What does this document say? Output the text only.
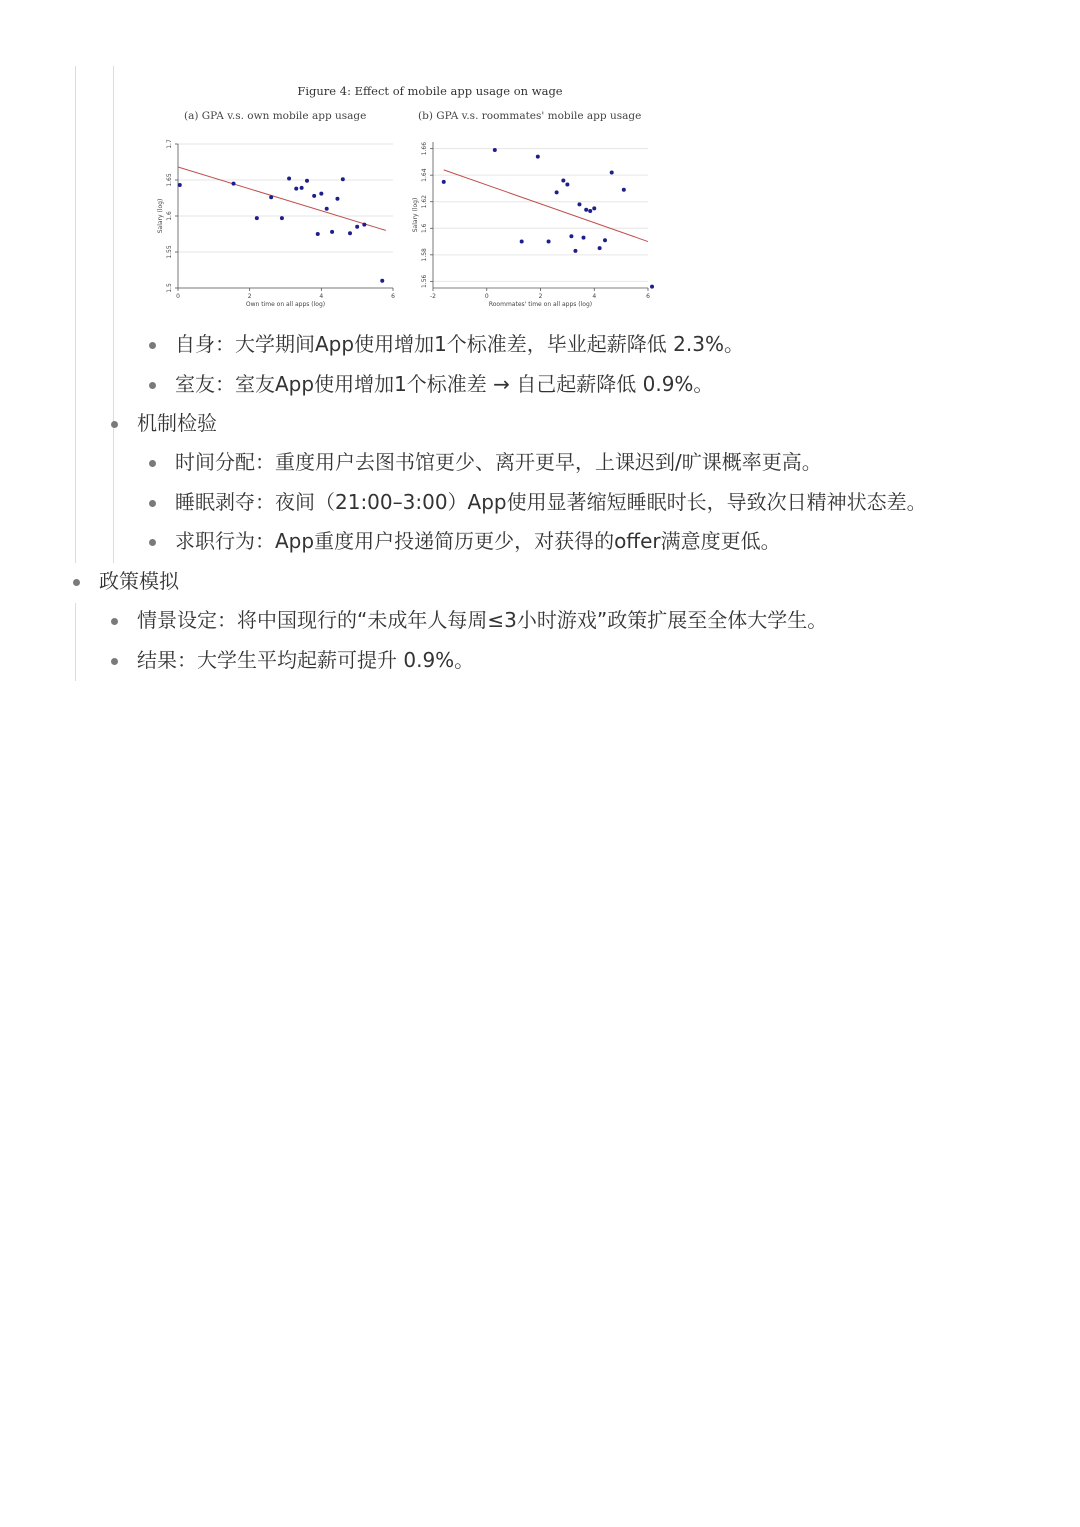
Figure 4: Effect of mobile app usage on wage
(a) GPA v.s. own mobile app usage	(b) GPA v.s. roommates' mobile app usage
1.5
1.55
1.6
1.65
1.7
0	2	4	6
Own time on all apps (log)
Salary (log)
1.56
1.58
1.6
1.62
1.64
1.66
-2	0	2	4	6
Roommates' time on all apps (log)
Salary (log)
自身：大学期间App使用增加1个标准差，毕业起薪降低 2.3%。
室友：室友App使用增加1个标准差 → 自己起薪降低 0.9%。
机制检验
时间分配：重度用户去图书馆更少、离开更早，上课迟到/旷课概率更高。
睡眠剥夺：夜间（21:00–3:00）App使用显著缩短睡眠时长，导致次日精神状态差。
求职行为：App重度用户投递简历更少，对获得的offer满意度更低。
政策模拟
情景设定：将中国现行的“未成年人每周≤3小时游戏”政策扩展至全体大学生。
结果：大学生平均起薪可提升 0.9%。
